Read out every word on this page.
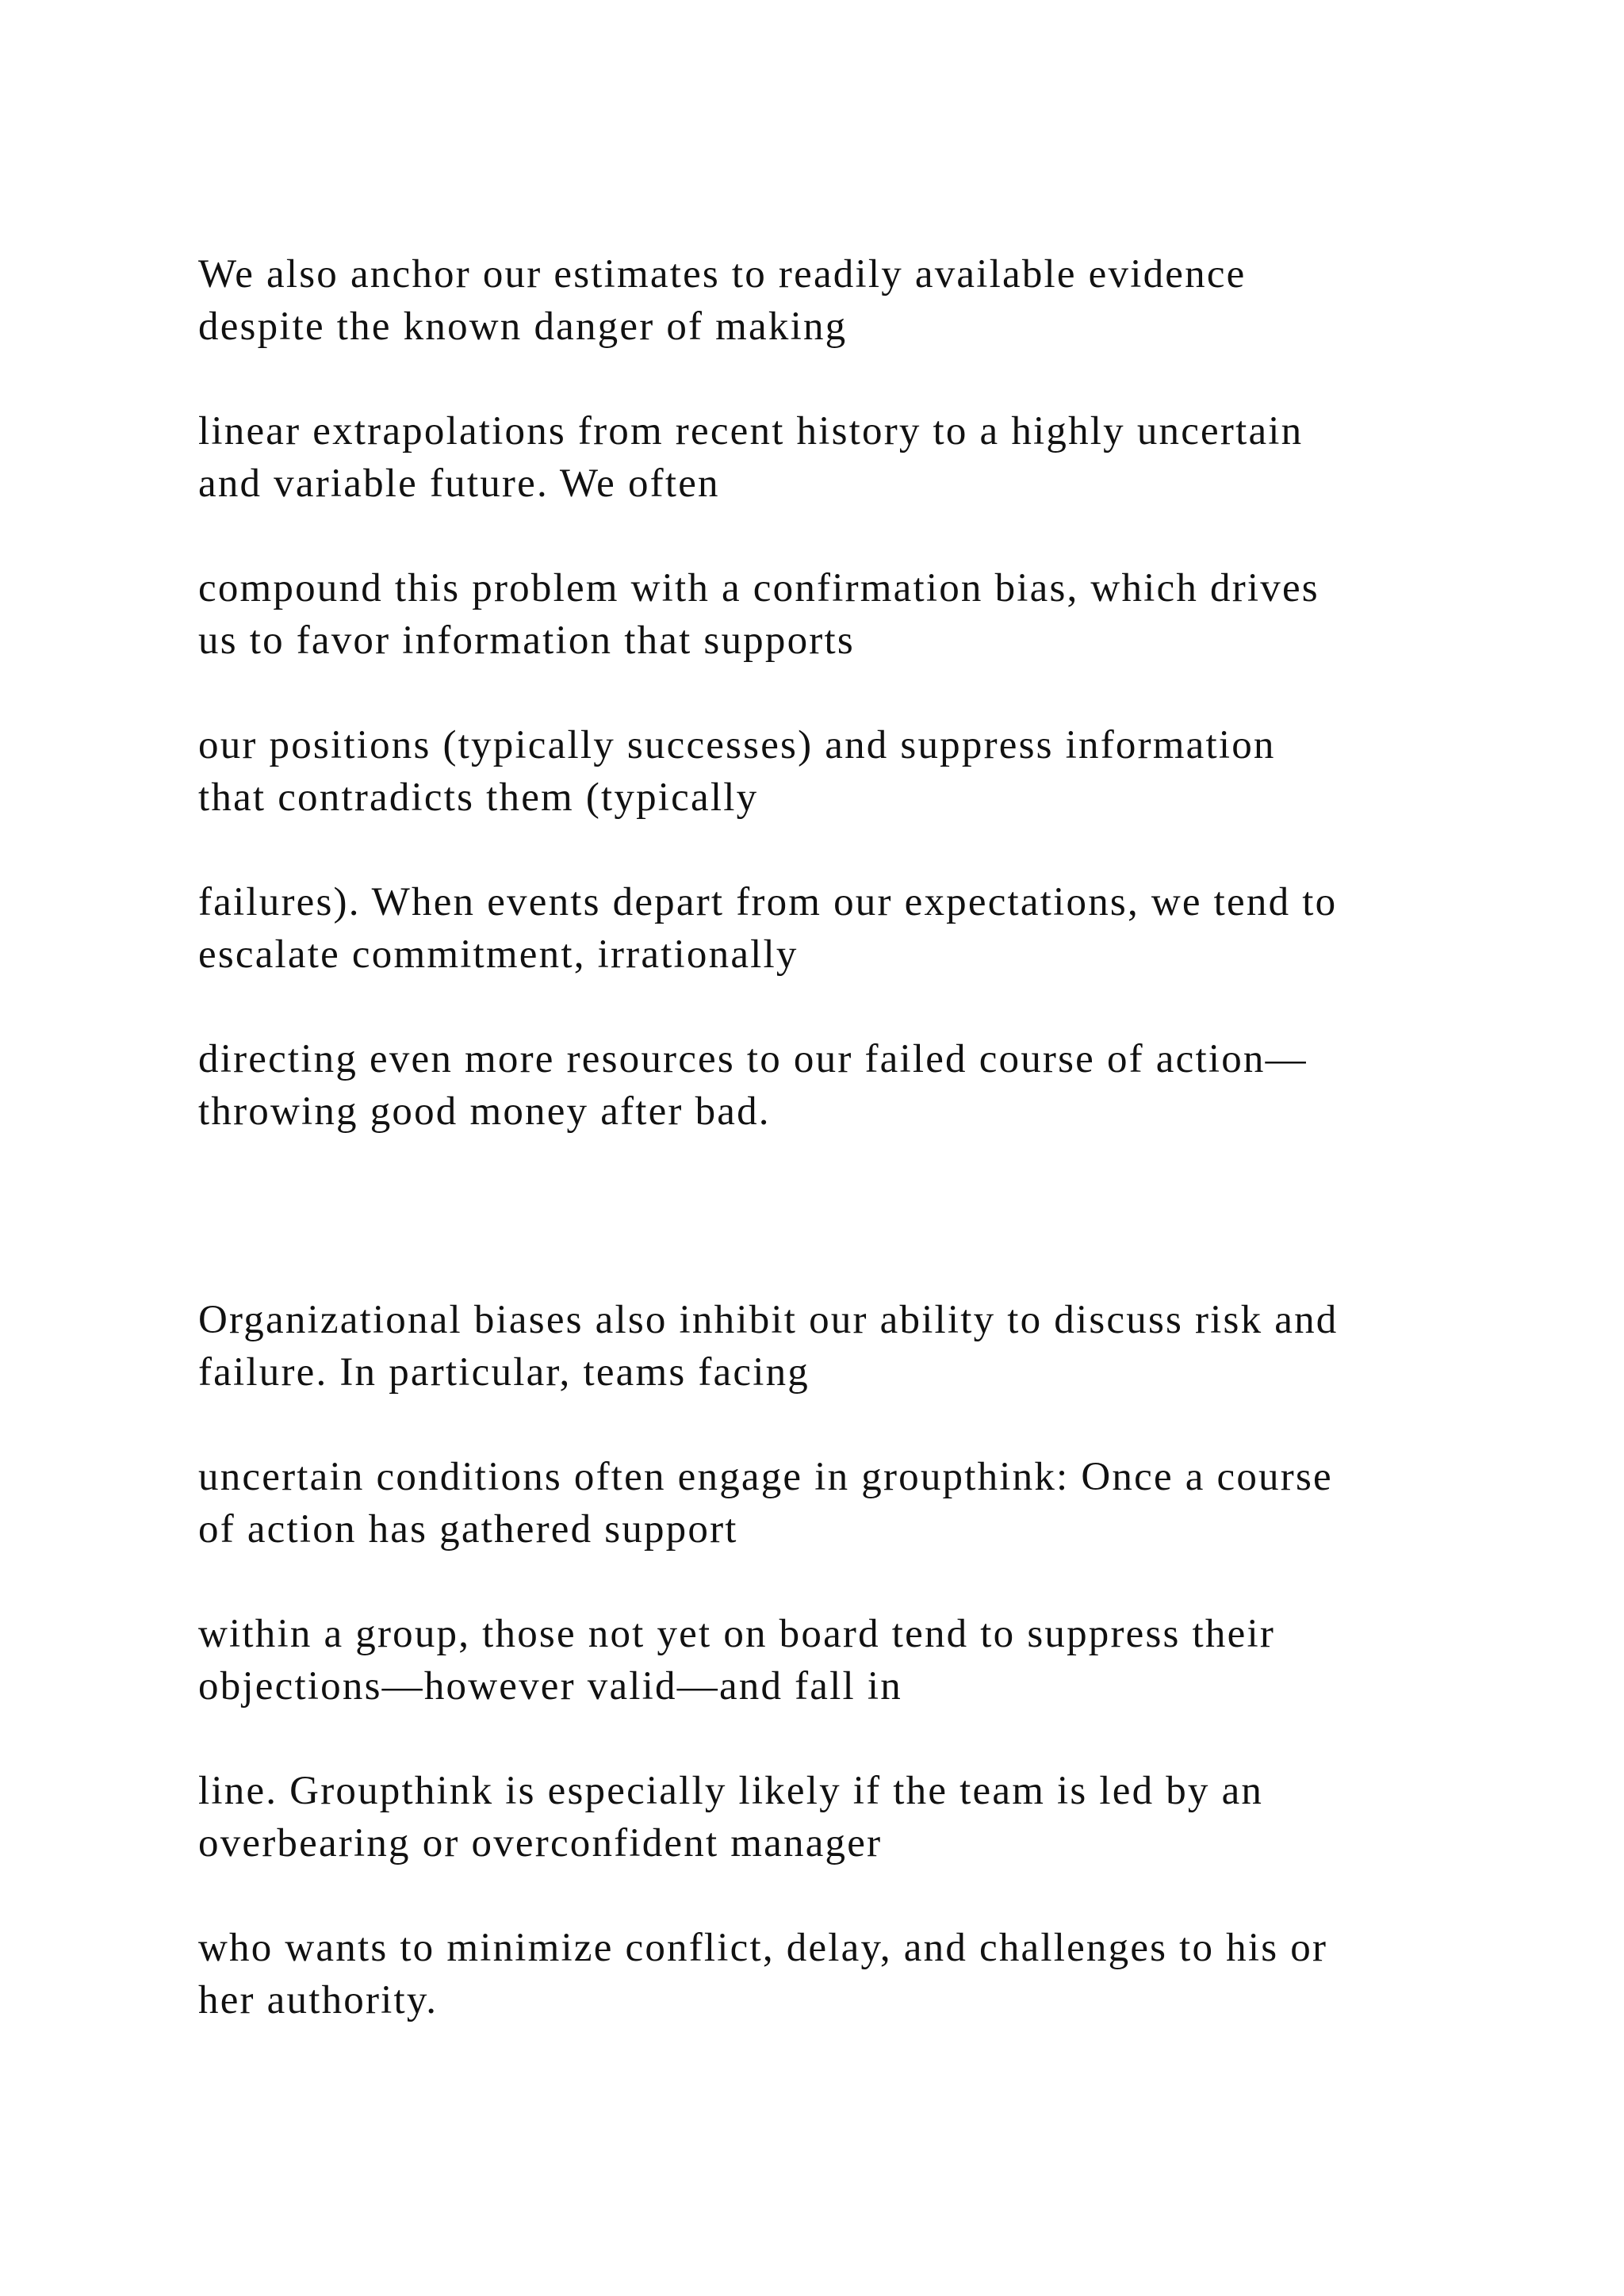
We also anchor our estimates to readily available evidence
despite the known danger of making

linear extrapolations from recent history to a highly uncertain
and variable future. We often

compound this problem with a confirmation bias, which drives
us to favor information that supports

our positions (typically successes) and suppress information
that contradicts them (typically

failures). When events depart from our expectations, we tend to
escalate commitment, irrationally

directing even more resources to our failed course of action—
throwing good money after bad.

Organizational biases also inhibit our ability to discuss risk and
failure. In particular, teams facing

uncertain conditions often engage in groupthink: Once a course
of action has gathered support

within a group, those not yet on board tend to suppress their
objections—however valid—and fall in

line. Groupthink is especially likely if the team is led by an
overbearing or overconfident manager

who wants to minimize conflict, delay, and challenges to his or
her authority.
